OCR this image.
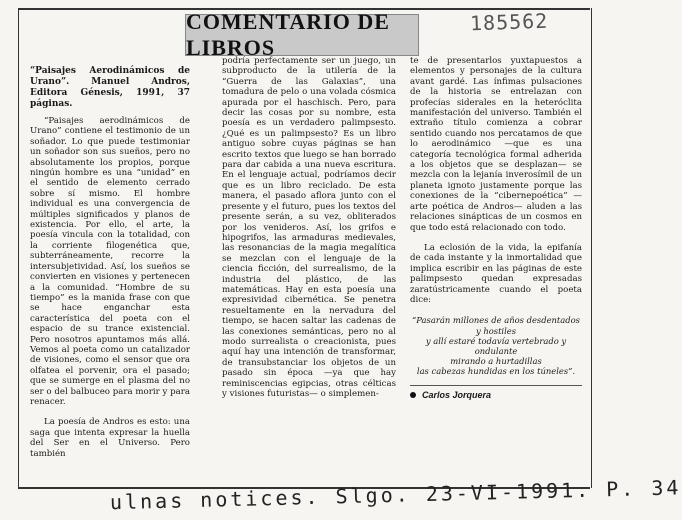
COMENTARIO DE LIBROS
185562

“Paisajes Aerodinámicos de Urano”. Manuel Andros, Editora Génesis, 1991, 37 páginas.

“Paisajes aerodinámicos de Urano” contiene el testimonio de un soñador. Lo que puede testimoniar un soñador son sus sueños, pero no absolutamente los propios, porque ningún hombre es una “unidad” en el sentido de elemento cerrado sobre sí mismo. El hombre individual es una convergencia de múltiples significados y planos de existencia. Por ello, el arte, la poesía vincula con la totalidad, con la corriente filogenética que, subterráneamente, recorre la intersubjetividad. Así, los sueños se convierten en visiones y pertenecen a la comunidad. “Hombre de su tiempo” es la manida frase con que se hace enganchar esta característica del poeta con el espacio de su trance existencial. Pero nosotros apuntamos más allá. Vemos al poeta como un catalizador de visiones, como el sensor que ora olfatea el porvenir, ora el pasado; que se sumerge en el plasma del no ser o del balbuceo para morir y para renacer.

La poesía de Andros es esto: una saga que intenta expresar la huella del Ser en el Universo. Pero también

podría perfectamente ser un juego, un subproducto de la utilería de la “Guerra de las Galaxias”, una tomadura de pelo o una volada cósmica apurada por el haschisch. Pero, para decir las cosas por su nombre, esta poesía es un verdadero palimpsesto. ¿Qué es un palimpsesto? Es un libro antiguo sobre cuyas páginas se han escrito textos que luego se han borrado para dar cabida a una nueva escritura. En el lenguaje actual, podríamos decir que es un libro reciclado. De esta manera, el pasado aflora junto con el presente y el futuro, pues los textos del presente serán, a su vez, obliterados por los venideros. Así, los grifos e hipogrifos, las armaduras medievales, las resonancias de la magia megalítica se mezclan con el lenguaje de la ciencia ficción, del surrealismo, de la industria del plástico, de las matemáticas. Hay en esta poesía una expresividad cibernética. Se penetra resueltamente en la nervadura del tiempo, se hacen saltar las cadenas de las conexiones semánticas, pero no al modo surrealista o creacionista, pues aquí hay una intención de transformar, de transubstanciar los objetos de un pasado sin época —ya que hay reminiscencias egipcias, otras célticas y visiones futuristas— o simplemen-

te de presentarlos yuxtapuestos a elementos y personajes de la cultura avant gardé. Las ínfimas pulsaciones de la historia se entrelazan con profecías siderales en la heteróclita manifestación del universo. También el extraño título comienza a cobrar sentido cuando nos percatamos de que lo aerodinámico —que es una categoría tecnológica formal adherida a los objetos que se desplazan— se mezcla con la lejanía inverosímil de un planeta ignoto justamente porque las conexiones de la “cibernepoética” —arte poética de Andros— aluden a las relaciones sinápticas de un cosmos en que todo está relacionado con todo.

La eclosión de la vida, la epifanía de cada instante y la inmortalidad que implica escribir en las páginas de este palimpsesto quedan expresadas zaratústricamente cuando el poeta dice:

“Pasarán millones de años desdentados y hostiles
y allí estaré todavía vertebrado y ondulante
mirando a hurtadillas
las cabezas hundidas en los túneles”.
Carlos Jorquera
ulnas notices. Slgo. 23-VI-1991. P. 34
